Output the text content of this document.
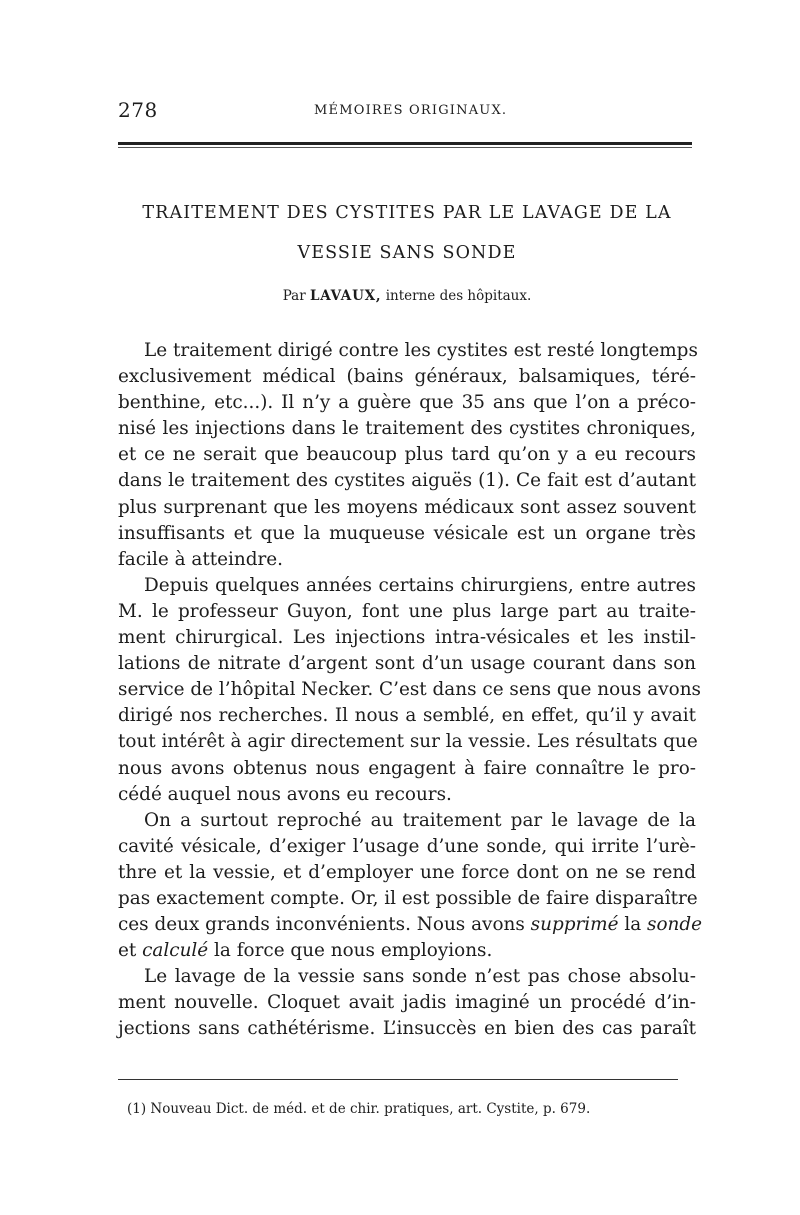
278	MÉMOIRES ORIGINAUX.
TRAITEMENT DES CYSTITES PAR LE LAVAGE DE LA
VESSIE SANS SONDE
Par LAVAUX, interne des hôpitaux.
Le traitement dirigé contre les cystites est resté longtemps
exclusivement médical (bains généraux, balsamiques, téré-
benthine, etc...). Il n’y a guère que 35 ans que l’on a préco-
nisé les injections dans le traitement des cystites chroniques,
et ce ne serait que beaucoup plus tard qu’on y a eu recours
dans le traitement des cystites aiguës (1). Ce fait est d’autant
plus surprenant que les moyens médicaux sont assez souvent
insuffisants et que la muqueuse vésicale est un organe très
facile à atteindre.
Depuis quelques années certains chirurgiens, entre autres
M. le professeur Guyon, font une plus large part au traite-
ment chirurgical. Les injections intra-vésicales et les instil-
lations de nitrate d’argent sont d’un usage courant dans son
service de l’hôpital Necker. C’est dans ce sens que nous avons
dirigé nos recherches. Il nous a semblé, en effet, qu’il y avait
tout intérêt à agir directement sur la vessie. Les résultats que
nous avons obtenus nous engagent à faire connaître le pro-
cédé auquel nous avons eu recours.
On a surtout reproché au traitement par le lavage de la
cavité vésicale, d’exiger l’usage d’une sonde, qui irrite l’urè-
thre et la vessie, et d’employer une force dont on ne se rend
pas exactement compte. Or, il est possible de faire disparaître
ces deux grands inconvénients. Nous avons supprimé la sonde
et calculé la force que nous employions.
Le lavage de la vessie sans sonde n’est pas chose absolu-
ment nouvelle. Cloquet avait jadis imaginé un procédé d’in-
jections sans cathétérisme. L’insuccès en bien des cas paraît
(1) Nouveau Dict. de méd. et de chir. pratiques, art. Cystite, p. 679.
